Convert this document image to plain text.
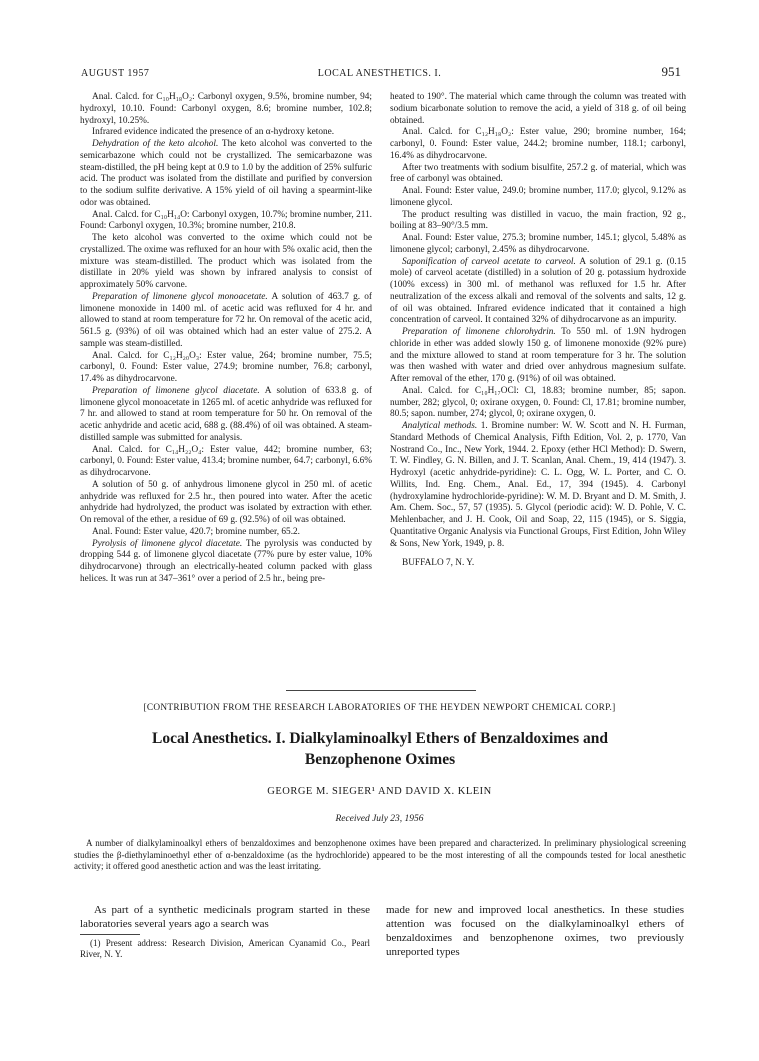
AUGUST 1957	LOCAL ANESTHETICS. I.	951

Anal. Calcd. for C₁₀H₁₈O₂: Carbonyl oxygen, 9.5%, bromine number, 94; hydroxyl, 10.10. Found: Carbonyl oxygen, 8.6; bromine number, 102.8; hydroxyl, 10.25%.

Infrared evidence indicated the presence of an α-hydroxy ketone.

Dehydration of the keto alcohol. The keto alcohol was converted to the semicarbazone which could not be crystallized. The semicarbazone was steam-distilled, the pH being kept at 0.9 to 1.0 by the addition of 25% sulfuric acid. The product was isolated from the distillate and purified by conversion to the sodium sulfite derivative. A 15% yield of oil having a spearmint-like odor was obtained.

Anal. Calcd. for C₁₀H₁₄O: Carbonyl oxygen, 10.7%; bromine number, 211. Found: Carbonyl oxygen, 10.3%; bromine number, 210.8.

The keto alcohol was converted to the oxime which could not be crystallized. The oxime was refluxed for an hour with 5% oxalic acid, then the mixture was steam-distilled. The product which was isolated from the distillate in 20% yield was shown by infrared analysis to consist of approximately 50% carvone.

Preparation of limonene glycol monoacetate. A solution of 463.7 g. of limonene monoxide in 1400 ml. of acetic acid was refluxed for 4 hr. and allowed to stand at room temperature for 72 hr. On removal of the acetic acid, 561.5 g. (93%) of oil was obtained which had an ester value of 275.2. A sample was steam-distilled.

Anal. Calcd. for C₁₂H₂₀O₃: Ester value, 264; bromine number, 75.5; carbonyl, 0. Found: Ester value, 274.9; bromine number, 76.8; carbonyl, 17.4% as dihydrocarvone.

Preparation of limonene glycol diacetate. A solution of 633.8 g. of limonene glycol monoacetate in 1265 ml. of acetic anhydride was refluxed for 7 hr. and allowed to stand at room temperature for 50 hr. On removal of the acetic anhydride and acetic acid, 688 g. (88.4%) of oil was obtained. A steam-distilled sample was submitted for analysis.

Anal. Calcd. for C₁₄H₂₂O₄: Ester value, 442; bromine number, 63; carbonyl, 0. Found: Ester value, 413.4; bromine number, 64.7; carbonyl, 6.6% as dihydrocarvone.

A solution of 50 g. of anhydrous limonene glycol in 250 ml. of acetic anhydride was refluxed for 2.5 hr., then poured into water. After the acetic anhydride had hydrolyzed, the product was isolated by extraction with ether. On removal of the ether, a residue of 69 g. (92.5%) of oil was obtained.

Anal. Found: Ester value, 420.7; bromine number, 65.2.

Pyrolysis of limonene glycol diacetate. The pyrolysis was conducted by dropping 544 g. of limonene glycol diacetate (77% pure by ester value, 10% dihydrocarvone) through an electrically-heated column packed with glass helices. It was run at 347–361° over a period of 2.5 hr., being pre-

heated to 190°. The material which came through the column was treated with sodium bicarbonate solution to remove the acid, a yield of 318 g. of oil being obtained.

Anal. Calcd. for C₁₂H₁₈O₂: Ester value, 290; bromine number, 164; carbonyl, 0. Found: Ester value, 244.2; bromine number, 118.1; carbonyl, 16.4% as dihydrocarvone.

After two treatments with sodium bisulfite, 257.2 g. of material, which was free of carbonyl was obtained.

Anal. Found: Ester value, 249.0; bromine number, 117.0; glycol, 9.12% as limonene glycol.

The product resulting was distilled in vacuo, the main fraction, 92 g., boiling at 83–90°/3.5 mm.

Anal. Found: Ester value, 275.3; bromine number, 145.1; glycol, 5.48% as limonene glycol; carbonyl, 2.45% as dihydrocarvone.

Saponification of carveol acetate to carveol. A solution of 29.1 g. (0.15 mole) of carveol acetate (distilled) in a solution of 20 g. potassium hydroxide (100% excess) in 300 ml. of methanol was refluxed for 1.5 hr. After neutralization of the excess alkali and removal of the solvents and salts, 12 g. of oil was obtained. Infrared evidence indicated that it contained a high concentration of carveol. It contained 32% of dihydrocarvone as an impurity.

Preparation of limonene chlorohydrin. To 550 ml. of 1.9N hydrogen chloride in ether was added slowly 150 g. of limonene monoxide (92% pure) and the mixture allowed to stand at room temperature for 3 hr. The solution was then washed with water and dried over anhydrous magnesium sulfate. After removal of the ether, 170 g. (91%) of oil was obtained.

Anal. Calcd. for C₁₀H₁₇OCl: Cl, 18.83; bromine number, 85; sapon. number, 282; glycol, 0; oxirane oxygen, 0. Found: Cl, 17.81; bromine number, 80.5; sapon. number, 274; glycol, 0; oxirane oxygen, 0.

Analytical methods. 1. Bromine number: W. W. Scott and N. H. Furman, Standard Methods of Chemical Analysis, Fifth Edition, Vol. 2, p. 1770, Van Nostrand Co., Inc., New York, 1944. 2. Epoxy (ether HCl Method): D. Swern, T. W. Findley, G. N. Billen, and J. T. Scanlan, Anal. Chem., 19, 414 (1947). 3. Hydroxyl (acetic anhydride-pyridine): C. L. Ogg, W. L. Porter, and C. O. Willits, Ind. Eng. Chem., Anal. Ed., 17, 394 (1945). 4. Carbonyl (hydroxylamine hydrochloride-pyridine): W. M. D. Bryant and D. M. Smith, J. Am. Chem. Soc., 57, 57 (1935). 5. Glycol (periodic acid): W. D. Pohle, V. C. Mehlenbacher, and J. H. Cook, Oil and Soap, 22, 115 (1945), or S. Siggia, Quantitative Organic Analysis via Functional Groups, First Edition, John Wiley & Sons, New York, 1949, p. 8.

BUFFALO 7, N. Y.

[CONTRIBUTION FROM THE RESEARCH LABORATORIES OF THE HEYDEN NEWPORT CHEMICAL CORP.]
Local Anesthetics. I. Dialkylaminoalkyl Ethers of Benzaldoximes and
Benzophenone Oximes
GEORGE M. SIEGER¹ AND DAVID X. KLEIN
Received July 23, 1956
A number of dialkylaminoalkyl ethers of benzaldoximes and benzophenone oximes have been prepared and characterized. In preliminary physiological screening studies the β-diethylaminoethyl ether of α-benzaldoxime (as the hydrochloride) appeared to be the most interesting of all the compounds tested for local anesthetic activity; it offered good anesthetic action and was the least irritating.

As part of a synthetic medicinals program started in these laboratories several years ago a search was

(1) Present address: Research Division, American Cyanamid Co., Pearl River, N. Y.

made for new and improved local anesthetics. In these studies attention was focused on the dialkylaminoalkyl ethers of benzaldoximes and benzophenone oximes, two previously unreported types
